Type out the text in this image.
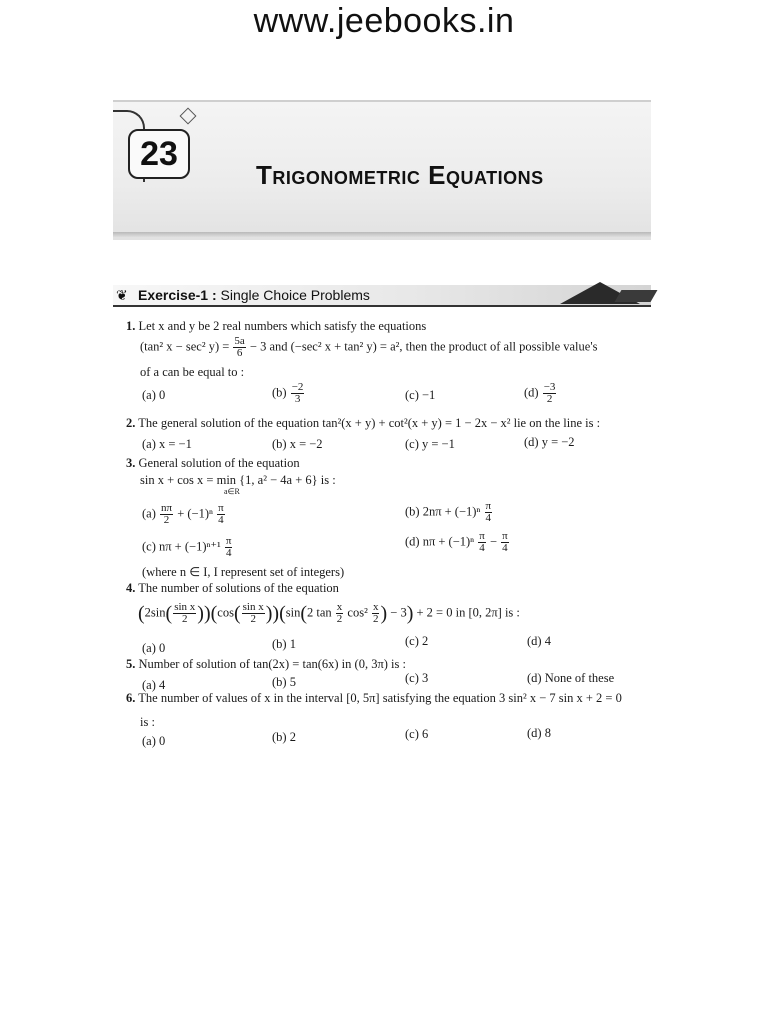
www.jeebooks.in
23
Trigonometric Equations
❦ Exercise-1 : Single Choice Problems
1. Let x and y be 2 real numbers which satisfy the equations
(tan² x − sec² $y) = \frac{5a}{6} - 3$ and (−sec² x + tan² y) = a², then the product of all possible value's
of a can be equal to :
(a) 0	$(b) \frac{-2}{3}$	(c) −1	$(d) \frac{-3}{2}$
2. The general solution of the equation tan²(x + y) + cot²(x + y) = 1 − 2x − x² lie on the line is :
(a) x = −1	(b) x = −2	(c) y = −1	(d) y = −2
3. General solution of the equation
sin x + cos x = min {1, a² − 4a + 6} is :
a∈R
$(a) \frac{n\pi}{2} + (-1)^n \frac{\pi}{4}$	(b) $2n\pi + (-1)^n \frac{\pi}{4}$
(c) $n\pi + (-1)^{n+1} \frac{\pi}{4}$	(d) $n\pi + (-1)^n \frac{\pi}{4} - \frac{\pi}{4}$
(where n ∈ I, I represent set of integers)
4. The number of solutions of the equation
$(2\sin( \frac{\text{sin x}}{2} ))(\cos( \frac{\text{sin x}}{2} ))(\sin(2$ $\tan \frac{x}{2} \cos^2 \frac{x}{2}$ ) − 3) + 2 = 0 in [0, 2π] is :
(a) 0	(b) 1	(c) 2	(d) 4
5. Number of solution of tan(2x) = tan(6x) in (0, 3π) is :
(a) 4	(b) 5	(c) 3	(d) None of these
6. The number of values of x in the interval [0, 5π] satisfying the equation 3 sin² x − 7 sin x + 2 = 0
is :
(a) 0	(b) 2	(c) 6	(d) 8
